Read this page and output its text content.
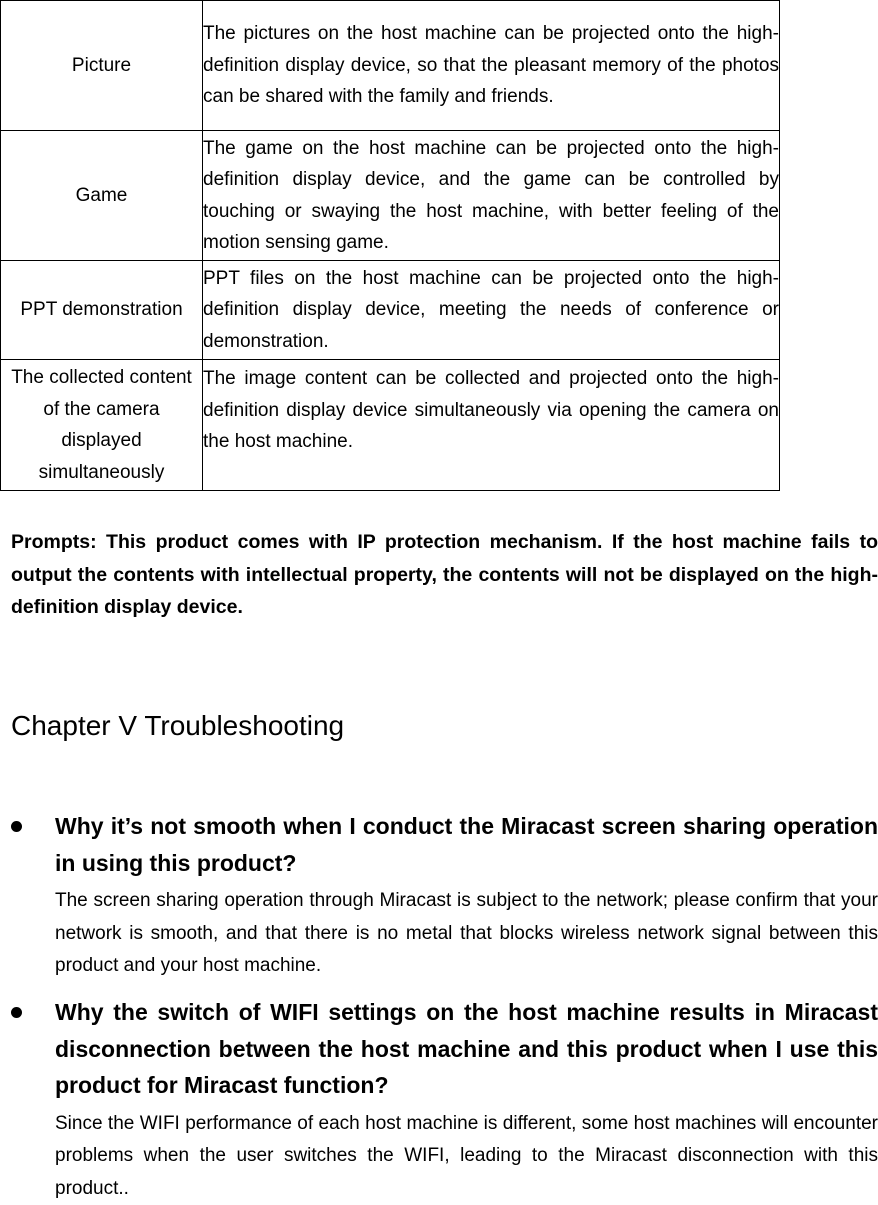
Picture	The pictures on the host machine can be projected onto the high-definition display device, so that the pleasant memory of the photos can be shared with the family and friends.
Game	The game on the host machine can be projected onto the high-definition display device, and the game can be controlled by touching or swaying the host machine, with better feeling of the motion sensing game.
PPT demonstration	PPT files on the host machine can be projected onto the high-definition display device, meeting the needs of conference or demonstration.
The collected content of the camera displayed simultaneously	The image content can be collected and projected onto the high-definition display device simultaneously via opening the camera on the host machine.

Prompts: This product comes with IP protection mechanism. If the host machine fails to output the contents with intellectual property, the contents will not be displayed on the high-definition display device.

Chapter V Troubleshooting

Why it’s not smooth when I conduct the Miracast screen sharing operation in using this product?

The screen sharing operation through Miracast is subject to the network; please confirm that your network is smooth, and that there is no metal that blocks wireless network signal between this product and your host machine.

Why the switch of WIFI settings on the host machine results in Miracast disconnection between the host machine and this product when I use this product for Miracast function?

Since the WIFI performance of each host machine is different, some host machines will encounter problems when the user switches the WIFI, leading to the Miracast disconnection with this product..
